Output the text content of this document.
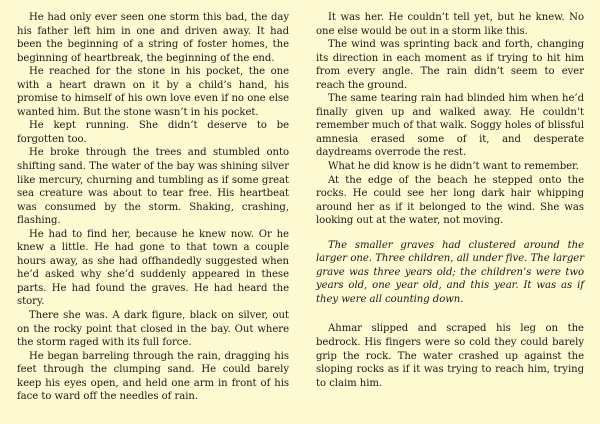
He had only ever seen one storm this bad, the day his father left him in one and driven away. It had been the beginning of a string of foster homes, the beginning of heartbreak, the beginning of the end.

He reached for the stone in his pocket, the one with a heart drawn on it by a child’s hand, his promise to himself of his own love even if no one else wanted him. But the stone wasn’t in his pocket.

He kept running. She didn’t deserve to be forgotten too.

He broke through the trees and stumbled onto shifting sand. The water of the bay was shining silver like mercury, churning and tumbling as if some great sea creature was about to tear free. His heartbeat was consumed by the storm. Shaking, crashing, flashing.

He had to find her, because he knew now. Or he knew a little. He had gone to that town a couple hours away, as she had offhandedly suggested when he’d asked why she’d suddenly appeared in these parts. He had found the graves. He had heard the story.

There she was. A dark figure, black on silver, out on the rocky point that closed in the bay. Out where the storm raged with its full force.

He began barreling through the rain, dragging his feet through the clumping sand. He could barely keep his eyes open, and held one arm in front of his face to ward off the needles of rain.

It was her. He couldn’t tell yet, but he knew. No one else would be out in a storm like this.

The wind was sprinting back and forth, changing its direction in each moment as if trying to hit him from every angle. The rain didn’t seem to ever reach the ground.

The same tearing rain had blinded him when he’d finally given up and walked away. He couldn’t remember much of that walk. Soggy holes of blissful amnesia erased some of it, and desperate daydreams overrode the rest.

What he did know is he didn’t want to remember.

At the edge of the beach he stepped onto the rocks. He could see her long dark hair whipping around her as if it belonged to the wind. She was looking out at the water, not moving.

The smaller graves had clustered around the larger one. Three children, all under five. The larger grave was three years old; the children’s were two years old, one year old, and this year. It was as if they were all counting down.

Ahmar slipped and scraped his leg on the bedrock. His fingers were so cold they could barely grip the rock. The water crashed up against the sloping rocks as if it was trying to reach him, trying to claim him.
